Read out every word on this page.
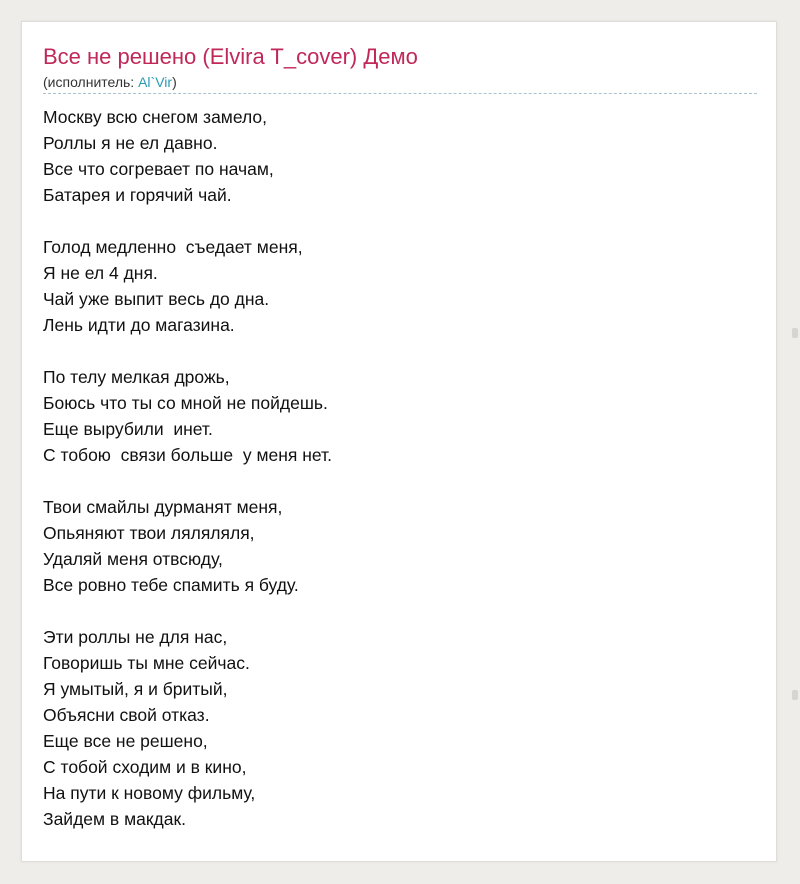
Все не решено (Elvira T_cover) Демо
(исполнитель: Al`Vir)
Москву всю снегом замело,
Роллы я не ел давно.
Все что согревает по начам,
Батарея и горячий чай.

Голод медленно  съедает меня,
Я не ел 4 дня.
Чай уже выпит весь до дна.
Лень идти до магазина.

По телу мелкая дрожь,
Боюсь что ты со мной не пойдешь.
Еще вырубили  инет.
С тобою  связи больше  у меня нет.

Твои смайлы дурманят меня,
Опьяняют твои ляляляля,
Удаляй меня отвсюду,
Все ровно тебе спамить я буду.

Эти роллы не для нас,
Говоришь ты мне сейчас.
Я умытый, я и бритый,
Объясни свой отказ.
Еще все не решено,
С тобой сходим и в кино,
На пути к новому фильму,
Зайдем в макдак.
